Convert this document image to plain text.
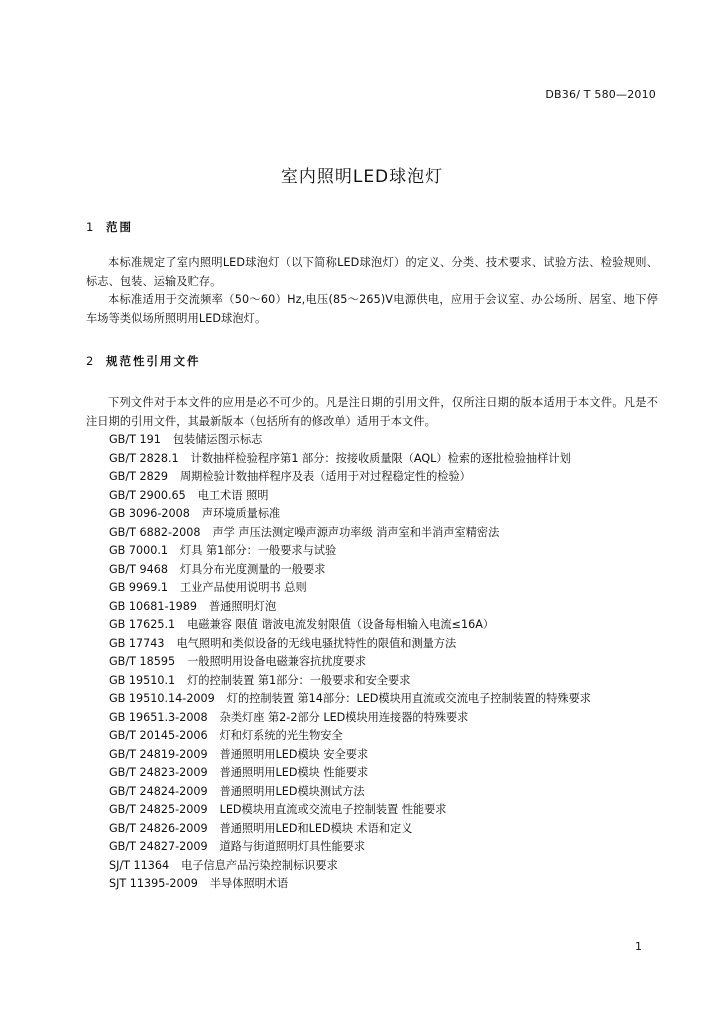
DB36/ T 580—2010
室内照明LED球泡灯
1	范围

本标准规定了室内照明LED球泡灯（以下简称LED球泡灯）的定义、分类、技术要求、试验方法、检验规则、标志、包装、运输及贮存。

本标准适用于交流频率（50～60）Hz,电压(85～265)V电源供电，应用于会议室、办公场所、居室、地下停车场等类似场所照明用LED球泡灯。

2	规范性引用文件

下列文件对于本文件的应用是必不可少的。凡是注日期的引用文件，仅所注日期的版本适用于本文件。凡是不注日期的引用文件，其最新版本（包括所有的修改单）适用于本文件。

GB/T 191 包装储运图示标志
GB/T 2828.1 计数抽样检验程序第1 部分：按接收质量限（AQL）检索的逐批检验抽样计划
GB/T 2829 周期检验计数抽样程序及表（适用于对过程稳定性的检验）
GB/T 2900.65 电工术语 照明
GB 3096-2008 声环境质量标准
GB/T 6882-2008 声学 声压法测定噪声源声功率级 消声室和半消声室精密法
GB 7000.1 灯具 第1部分：一般要求与试验
GB/T 9468 灯具分布光度测量的一般要求
GB 9969.1 工业产品使用说明书 总则
GB 10681-1989 普通照明灯泡
GB 17625.1 电磁兼容 限值 谐波电流发射限值（设备每相输入电流≤16A）
GB 17743 电气照明和类似设备的无线电骚扰特性的限值和测量方法
GB/T 18595 一般照明用设备电磁兼容抗扰度要求
GB 19510.1 灯的控制装置 第1部分：一般要求和安全要求
GB 19510.14-2009 灯的控制装置 第14部分：LED模块用直流或交流电子控制装置的特殊要求
GB 19651.3-2008 杂类灯座 第2-2部分 LED模块用连接器的特殊要求
GB/T 20145-2006 灯和灯系统的光生物安全
GB/T 24819-2009 普通照明用LED模块 安全要求
GB/T 24823-2009 普通照明用LED模块 性能要求
GB/T 24824-2009 普通照明用LED模块测试方法
GB/T 24825-2009 LED模块用直流或交流电子控制装置 性能要求
GB/T 24826-2009 普通照明用LED和LED模块 术语和定义
GB/T 24827-2009 道路与街道照明灯具性能要求
SJ/T 11364 电子信息产品污染控制标识要求
SJT 11395-2009 半导体照明术语
1
